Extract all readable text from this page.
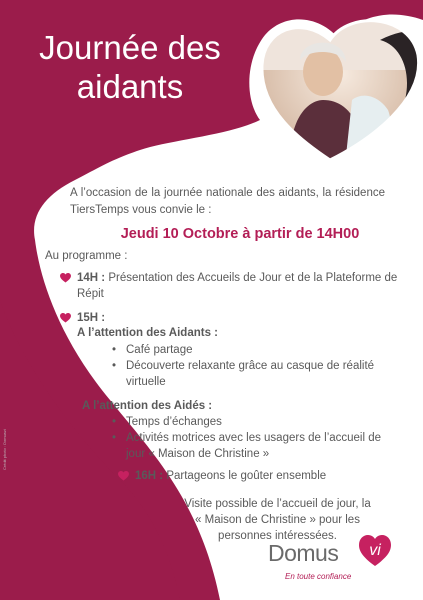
Journée des
aidants
Crédit photo : Domusvi
A l’occasion de la journée nationale des aidants, la résidence TiersTemps vous convie le :
Jeudi 10 Octobre à partir de 14H00
Au programme :
14H : Présentation des Accueils de Jour et de la Plateforme de Répit
15H :
A l’attention des Aidants :
• Café partage
• Découverte relaxante grâce au casque de réalité
virtuelle
A l’attention des Aidés :
• Temps d’échanges
• Activités motrices avec les usagers de l’accueil de
jour « Maison de Christine »
16H : Partageons le goûter ensemble
Visite possible de l’accueil de jour, la
« Maison de Christine » pour les
personnes intéressées.
Domus vi
En toute confiance
